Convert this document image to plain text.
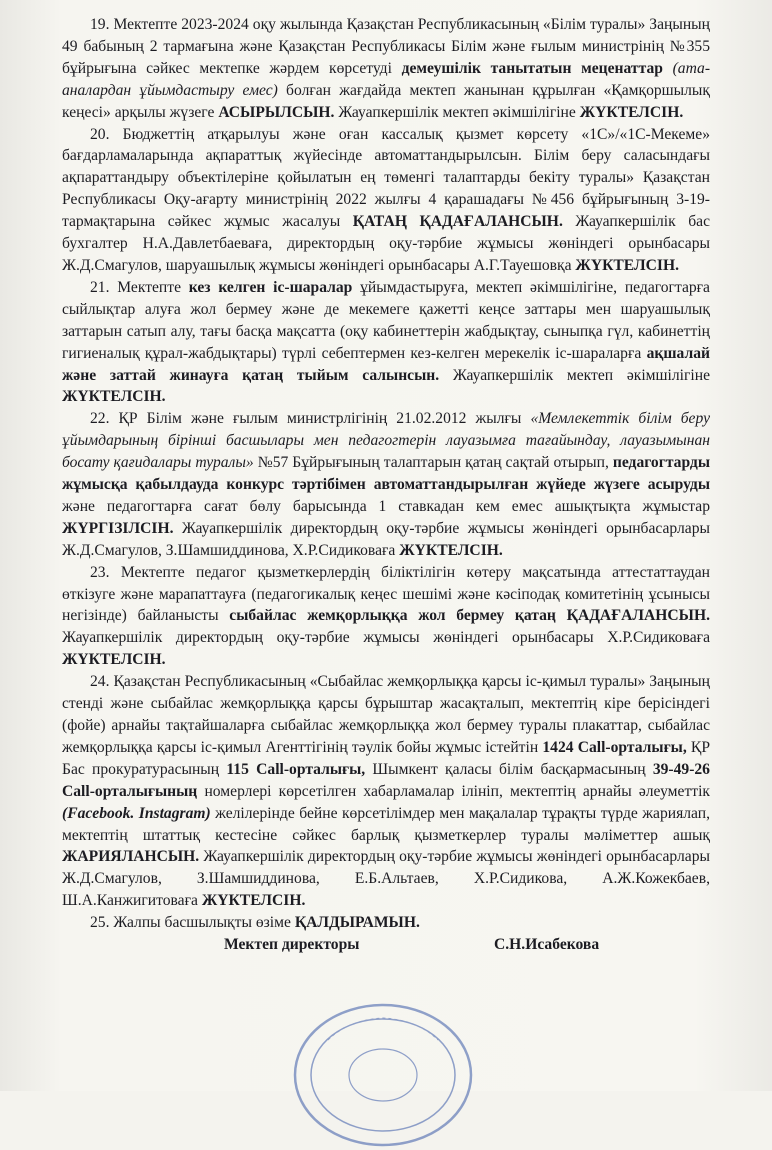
19. Мектепте 2023-2024 оқу жылында Қазақстан Республикасының «Білім туралы» Заңының 49 бабының 2 тармағына және Қазақстан Республикасы Білім және ғылым министрінің №355 бұйрығына сәйкес мектепке жәрдем көрсетуді демеушілік танытатын меценаттар (ата-аналардан ұйымдастыру емес) болған жағдайда мектеп жанынан құрылған «Қамқоршылық кеңесі» арқылы жүзеге АСЫРЫЛСЫН. Жауапкершілік мектеп әкімшілігіне ЖҮКТЕЛСІН.

20. Бюджеттің атқарылуы және оған кассалық қызмет көрсету «1С»/«1С-Мекеме» бағдарламаларында ақпараттық жүйесінде автоматтандырылсын. Білім беру саласындағы ақпараттандыру объектілеріне қойылатын ең төменгі талаптарды бекіту туралы» Қазақстан Республикасы Оқу-ағарту министрінің 2022 жылғы 4 қарашадағы №456 бұйрығының 3-19-тармақтарына сәйкес жұмыс жасалуы ҚАТАҢ ҚАДАҒАЛАНСЫН. Жауапкершілік бас бухгалтер Н.А.Давлетбаеваға, директордың оқу-тәрбие жұмысы жөніндегі орынбасары Ж.Д.Смагулов, шаруашылық жұмысы жөніндегі орынбасары А.Г.Тауешовқа ЖҮКТЕЛСІН.

21. Мектепте кез келген іс-шаралар ұйымдастыруға, мектеп әкімшілігіне, педагогтарға сыйлықтар алуға жол бермеу және де мекемеге қажетті кеңсе заттары мен шаруашылық заттарын сатып алу, тағы басқа мақсатта (оқу кабинеттерін жабдықтау, сыныпқа гүл, кабинеттің гигиеналық құрал-жабдықтары) түрлі себептермен кез-келген мерекелік іс-шараларға ақшалай және заттай жинауға қатаң тыйым салынсын. Жауапкершілік мектеп әкімшілігіне ЖҮКТЕЛСІН.

22. ҚР Білім және ғылым министрлігінің 21.02.2012 жылғы «Мемлекеттік білім беру ұйымдарының бірінші басшылары мен педагогтерін лауазымға тағайындау, лауазымынан босату қағидалары туралы» №57 Бұйрығының талаптарын қатаң сақтай отырып, педагогтарды жұмысқа қабылдауда конкурс тәртібімен автоматтандырылған жүйеде жүзеге асыруды және педагогтарға сағат бөлу барысында 1 ставкадан кем емес ашықтықта жұмыстар ЖҮРГІЗІЛСІН. Жауапкершілік директордың оқу-тәрбие жұмысы жөніндегі орынбасарлары Ж.Д.Смагулов, З.Шамшиддинова, Х.Р.Сидиковаға ЖҮКТЕЛСІН.

23. Мектепте педагог қызметкерлердің біліктілігін көтеру мақсатында аттестаттаудан өткізуге және марапаттауға (педагогикалық кеңес шешімі және кәсіподақ комитетінің ұсынысы негізінде) байланысты сыбайлас жемқорлыққа жол бермеу қатаң ҚАДАҒАЛАНСЫН. Жауапкершілік директордың оқу-тәрбие жұмысы жөніндегі орынбасары Х.Р.Сидиковаға ЖҮКТЕЛСІН.

24. Қазақстан Республикасының «Сыбайлас жемқорлыққа қарсы іс-қимыл туралы» Заңының стенді және сыбайлас жемқорлыққа қарсы бұрыштар жасақталып, мектептің кіре берісіндегі (фойе) арнайы тақтайшаларға сыбайлас жемқорлыққа жол бермеу туралы плакаттар, сыбайлас жемқорлыққа қарсы іс-қимыл Агенттігінің тәулік бойы жұмыс істейтін 1424 Call-орталығы, ҚР Бас прокуратурасының 115 Call-орталығы, Шымкент қаласы білім басқармасының 39-49-26 Call-орталығының номерлері көрсетілген хабарламалар ілініп, мектептің арнайы әлеуметтік (Facebook. Instagram) желілерінде бейне көрсетілімдер мен мақалалар тұрақты түрде жариялап, мектептің штаттық кестесіне сәйкес барлық қызметкерлер туралы мәліметтер ашық ЖАРИЯЛАНСЫН. Жауапкершілік директордың оқу-тәрбие жұмысы жөніндегі орынбасарлары Ж.Д.Смагулов, З.Шамшиддинова, Е.Б.Альтаев, Х.Р.Сидикова, А.Ж.Кожекбаев, Ш.А.Канжигитоваға ЖҮКТЕЛСІН.

25. Жалпы басшылықты өзіме ҚАЛДЫРАМЫН.

Мектеп директоры	С.Н.Исабекова
